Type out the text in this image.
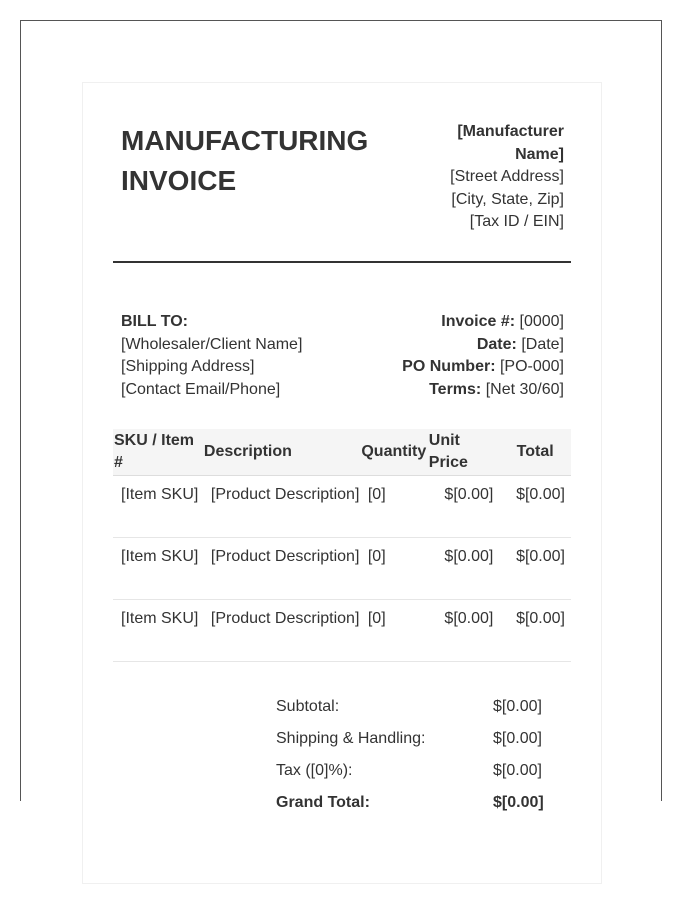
MANUFACTURING
INVOICE
[Manufacturer
Name]
[Street Address]
[City, State, Zip]
[Tax ID / EIN]
BILL TO:
[Wholesaler/Client Name]
[Shipping Address]
[Contact Email/Phone]
Invoice #: [0000]
Date: [Date]
PO Number: [PO-000]
Terms: [Net 30/60]
SKU / Item #	Description	Quantity	Unit Price	Total
[Item SKU]	[Product Description]	[0]	$[0.00]	$[0.00]
[Item SKU]	[Product Description]	[0]	$[0.00]	$[0.00]
[Item SKU]	[Product Description]	[0]	$[0.00]	$[0.00]
Subtotal:	$[0.00]
Shipping & Handling:	$[0.00]
Tax ([0]%):	$[0.00]
Grand Total:	$[0.00]
